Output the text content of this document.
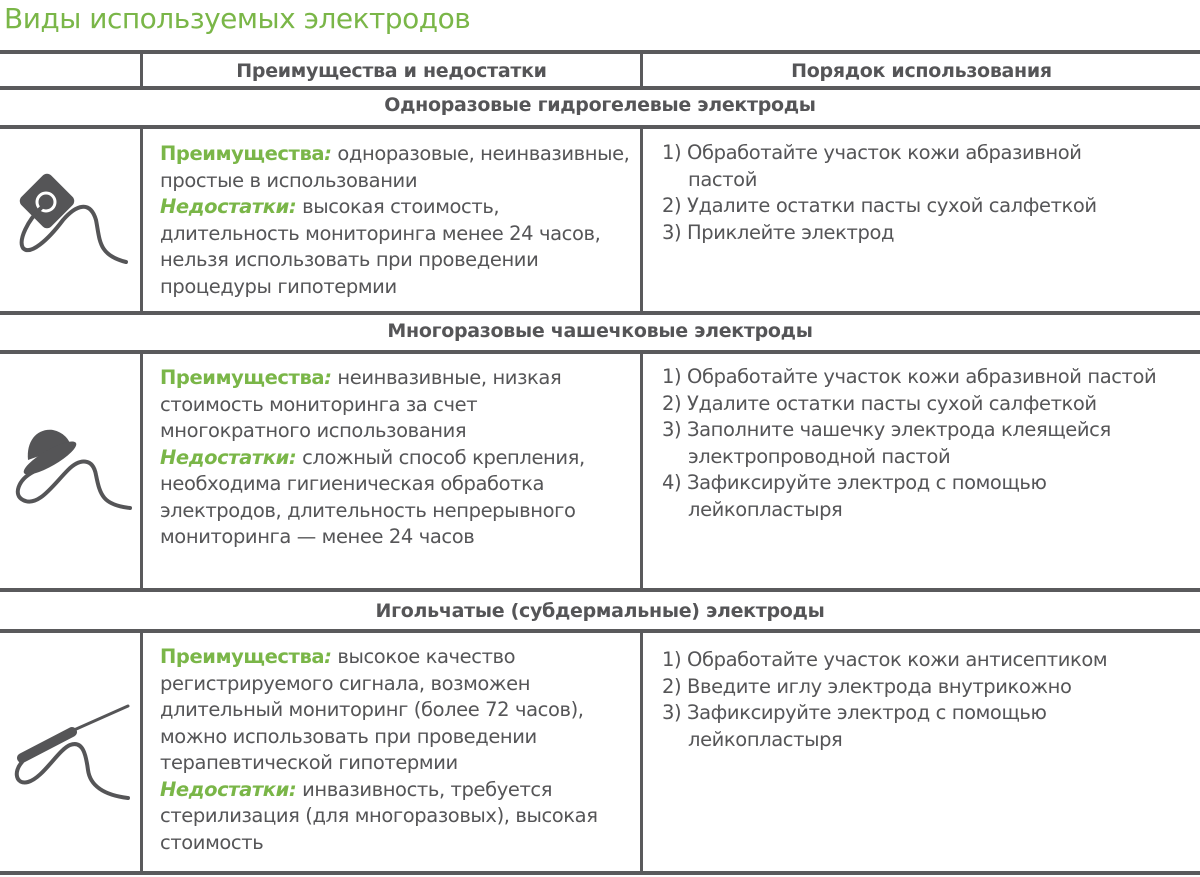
Виды используемых электродов
Преимущества и недостатки	Порядок использования
Одноразовые гидрогелевые электроды
Преимущества: одноразовые, неинвазивные, простые в использовании
Недостатки: высокая стоимость, длительность мониторинга менее 24 часов, нельзя использовать при проведении процедуры гипотермии
1) Обработайте участок кожи абразивной пастой
2) Удалите остатки пасты сухой салфеткой
3) Приклейте электрод
Многоразовые чашечковые электроды
Преимущества: неинвазивные, низкая стоимость мониторинга за счет многократного использования
Недостатки: сложный способ крепления, необходима гигиеническая обработка электродов, длительность непрерывного мониторинга — менее 24 часов
1) Обработайте участок кожи абразивной пастой
2) Удалите остатки пасты сухой салфеткой
3) Заполните чашечку электрода клеящейся электропроводной пастой
4) Зафиксируйте электрод с помощью лейкопластыря
Игольчатые (субдермальные) электроды
Преимущества: высокое качество регистрируемого сигнала, возможен длительный мониторинг (более 72 часов), можно использовать при проведении терапевтической гипотермии
Недостатки: инвазивность, требуется стерилизация (для многоразовых), высокая стоимость
1) Обработайте участок кожи антисептиком
2) Введите иглу электрода внутрикожно
3) Зафиксируйте электрод с помощью лейкопластыря
